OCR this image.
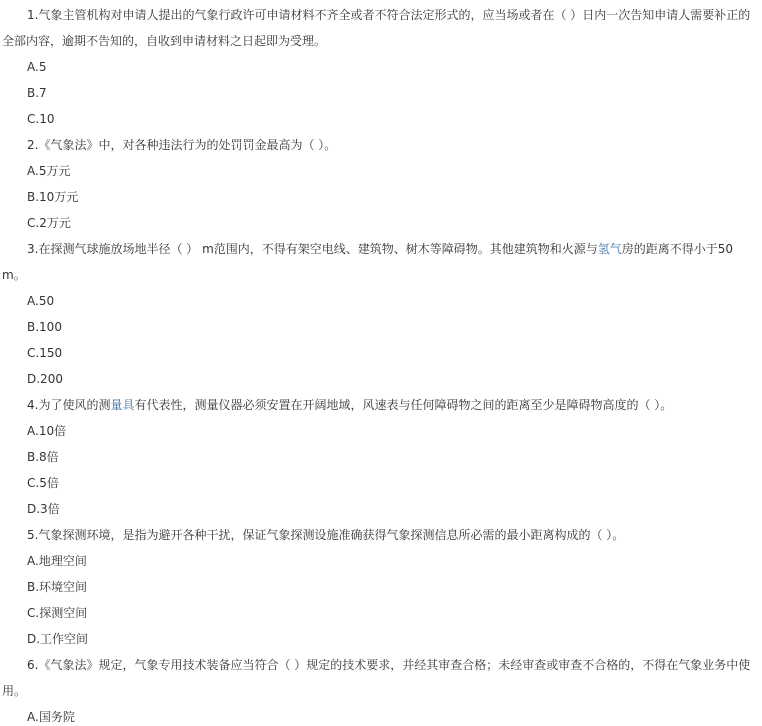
1.气象主管机构对申请人提出的气象行政许可申请材料不齐全或者不符合法定形式的，应当场或者在（ ）日内一次告知申请人需要补正的
全部内容，逾期不告知的，自收到申请材料之日起即为受理。
A.5
B.7
C.10
2.《气象法》中，对各种违法行为的处罚罚金最高为（ ）。
A.5万元
B.10万元
C.2万元
3.在探测气球施放场地半径（ ） m范围内，不得有架空电线、建筑物、树木等障碍物。其他建筑物和火源与氢气房的距离不得小于50
m。
A.50
B.100
C.150
D.200
4.为了使风的测量具有代表性，测量仪器必须安置在开阔地域，风速表与任何障碍物之间的距离至少是障碍物高度的（ ）。
A.10倍
B.8倍
C.5倍
D.3倍
5.气象探测环境，是指为避开各种干扰，保证气象探测设施准确获得气象探测信息所必需的最小距离构成的（ ）。
A.地理空间
B.环境空间
C.探测空间
D.工作空间
6.《气象法》规定，气象专用技术装备应当符合（ ）规定的技术要求，并经其审查合格；未经审查或审查不合格的，不得在气象业务中使
用。
A.国务院
